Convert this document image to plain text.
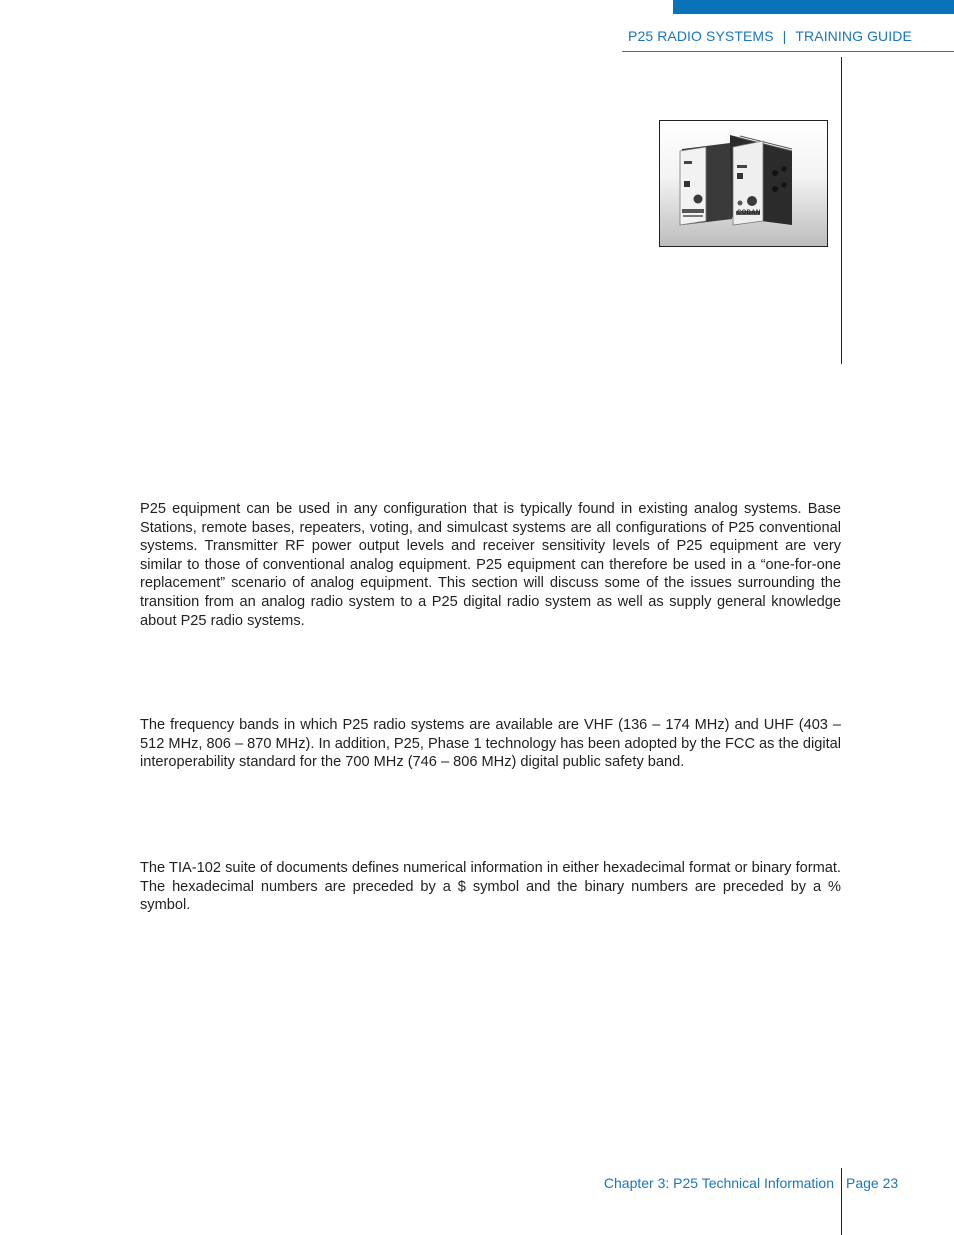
P25 RADIO SYSTEMS | TRAINING GUIDE
CODAN

P25 equipment can be used in any configuration that is typically found in existing analog systems. Base Stations, remote bases, repeaters, voting, and simulcast systems are all configurations of P25 conventional systems. Transmitter RF power output levels and receiver sensitivity levels of P25 equipment are very similar to those of conventional analog equipment. P25 equipment can therefore be used in a “one-for-one replacement” scenario of analog equipment. This section will discuss some of the issues surrounding the transition from an analog radio system to a P25 digital radio system as well as supply general knowledge about P25 radio systems.

The frequency bands in which P25 radio systems are available are VHF (136 – 174 MHz) and UHF (403 – 512 MHz, 806 – 870 MHz). In addition, P25, Phase 1 technology has been adopted by the FCC as the digital interoperability standard for the 700 MHz (746 – 806 MHz) digital public safety band.

The TIA-102 suite of documents defines numerical information in either hexadecimal format or binary format. The hexadecimal numbers are preceded by a $ symbol and the binary numbers are preceded by a % symbol.

Chapter 3: P25 Technical Information Page 23
